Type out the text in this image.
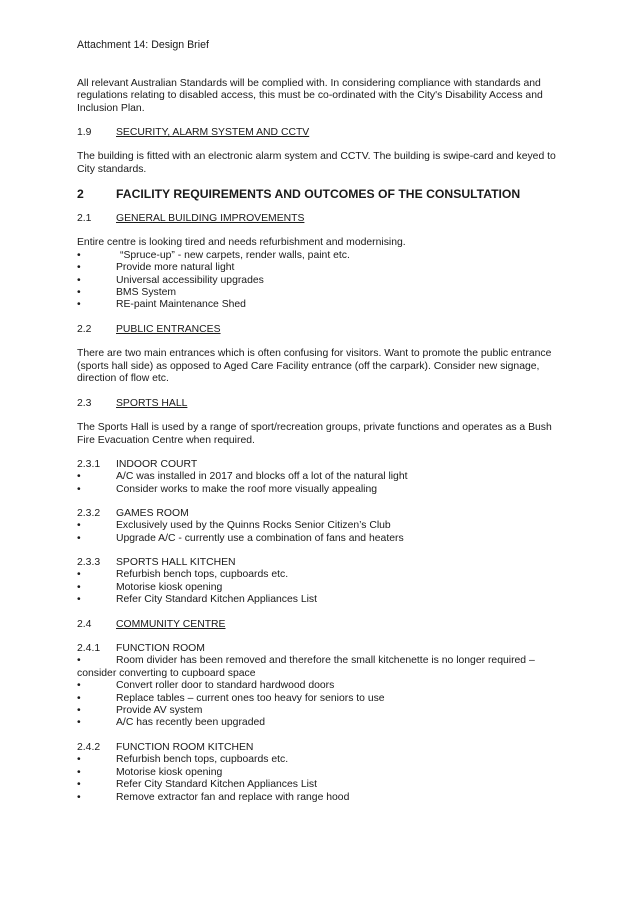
Attachment 14: Design Brief

All relevant Australian Standards will be complied with. In considering compliance with standards and regulations relating to disabled access, this must be co-ordinated with the City's Disability Access and Inclusion Plan.

1.9 SECURITY, ALARM SYSTEM AND CCTV

The building is fitted with an electronic alarm system and CCTV. The building is swipe-card and keyed to City standards.

2	FACILITY REQUIREMENTS AND OUTCOMES OF THE CONSULTATION

2.1 GENERAL BUILDING IMPROVEMENTS

Entire centre is looking tired and needs refurbishment and modernising.

•	“Spruce-up” - new carpets, render walls, paint etc.
•	Provide more natural light
•	Universal accessibility upgrades
•	BMS System
•	RE-paint Maintenance Shed

2.2 PUBLIC ENTRANCES

There are two main entrances which is often confusing for visitors. Want to promote the public entrance (sports hall side) as opposed to Aged Care Facility entrance (off the carpark). Consider new signage, direction of flow etc.

2.3 SPORTS HALL

The Sports Hall is used by a range of sport/recreation groups, private functions and operates as a Bush Fire Evacuation Centre when required.

2.3.1 INDOOR COURT

•	A/C was installed in 2017 and blocks off a lot of the natural light
•	Consider works to make the roof more visually appealing

2.3.2 GAMES ROOM

•	Exclusively used by the Quinns Rocks Senior Citizen’s Club
•	Upgrade A/C - currently use a combination of fans and heaters

2.3.3 SPORTS HALL KITCHEN

•	Refurbish bench tops, cupboards etc.
•	Motorise kiosk opening
•	Refer City Standard Kitchen Appliances List

2.4 COMMUNITY CENTRE

2.4.1 FUNCTION ROOM

•	Room divider has been removed and therefore the small kitchenette is no longer required – consider converting to cupboard space

•	Convert roller door to standard hardwood doors
•	Replace tables – current ones too heavy for seniors to use
•	Provide AV system
•	A/C has recently been upgraded

2.4.2 FUNCTION ROOM KITCHEN

•	Refurbish bench tops, cupboards etc.
•	Motorise kiosk opening
•	Refer City Standard Kitchen Appliances List
•	Remove extractor fan and replace with range hood
